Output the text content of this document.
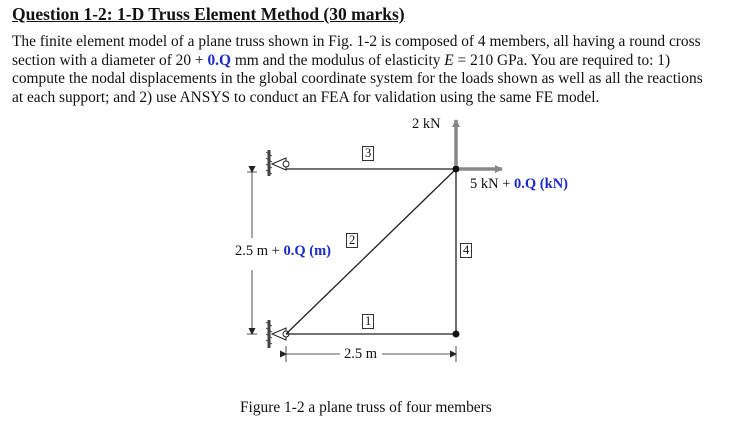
Question 1-2: 1-D Truss Element Method (30 marks)
The finite element model of a plane truss shown in Fig. 1-2 is composed of 4 members, all having a round cross
section with a diameter of 20 + 0.Q mm and the modulus of elasticity E = 210 GPa. You are required to: 1)
compute the nodal displacements in the global coordinate system for the loads shown as well as all the reactions
at each support; and 2) use ANSYS to conduct an FEA for validation using the same FE model.
2 kN
5 kN + 0.Q (kN)
2.5 m + 0.Q (m)
2.5 m
3
2
4
1
Figure 1-2 a plane truss of four members
